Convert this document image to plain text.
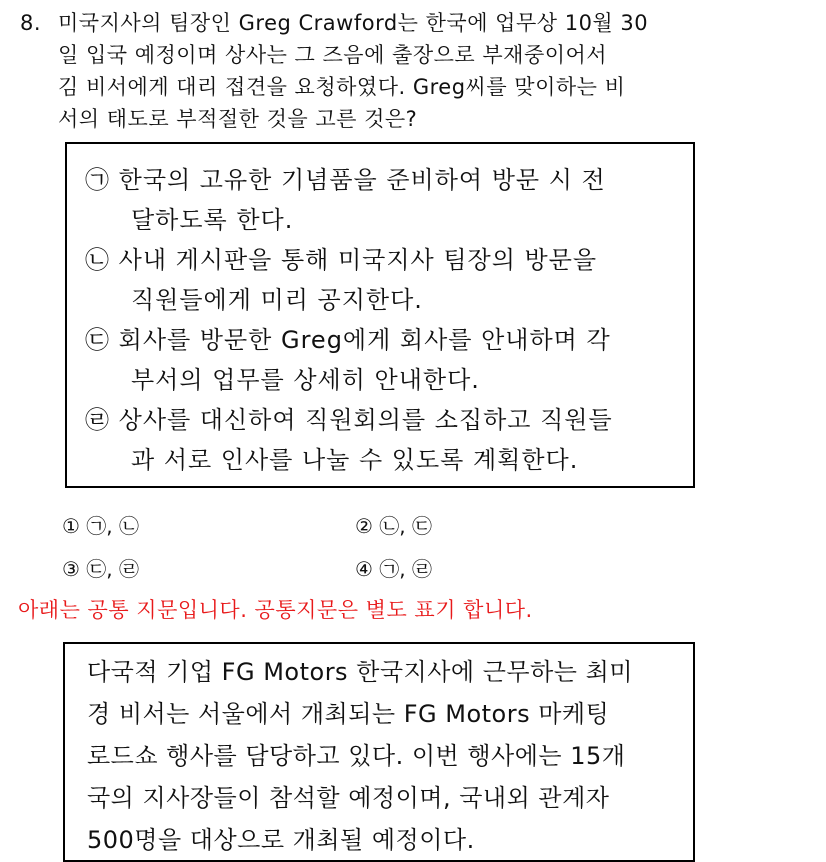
8. 미국지사의 팀장인 Greg Crawford는 한국에 업무상 10월 30
일 입국 예정이며 상사는 그 즈음에 출장으로 부재중이어서
김 비서에게 대리 접견을 요청하였다. Greg씨를 맞이하는 비
서의 태도로 부적절한 것을 고른 것은?
㉠ 한국의 고유한 기념품을 준비하여 방문 시 전
달하도록 한다.
㉡ 사내 게시판을 통해 미국지사 팀장의 방문을
직원들에게 미리 공지한다.
㉢ 회사를 방문한 Greg에게 회사를 안내하며 각
부서의 업무를 상세히 안내한다.
㉣ 상사를 대신하여 직원회의를 소집하고 직원들
과 서로 인사를 나눌 수 있도록 계획한다.
① ㉠, ㉡	② ㉡, ㉢
③ ㉢, ㉣	④ ㉠, ㉣
아래는 공통 지문입니다. 공통지문은 별도 표기 합니다.
다국적 기업 FG Motors 한국지사에 근무하는 최미
경 비서는 서울에서 개최되는 FG Motors 마케팅
로드쇼 행사를 담당하고 있다. 이번 행사에는 15개
국의 지사장들이 참석할 예정이며, 국내외 관계자
500명을 대상으로 개최될 예정이다.
